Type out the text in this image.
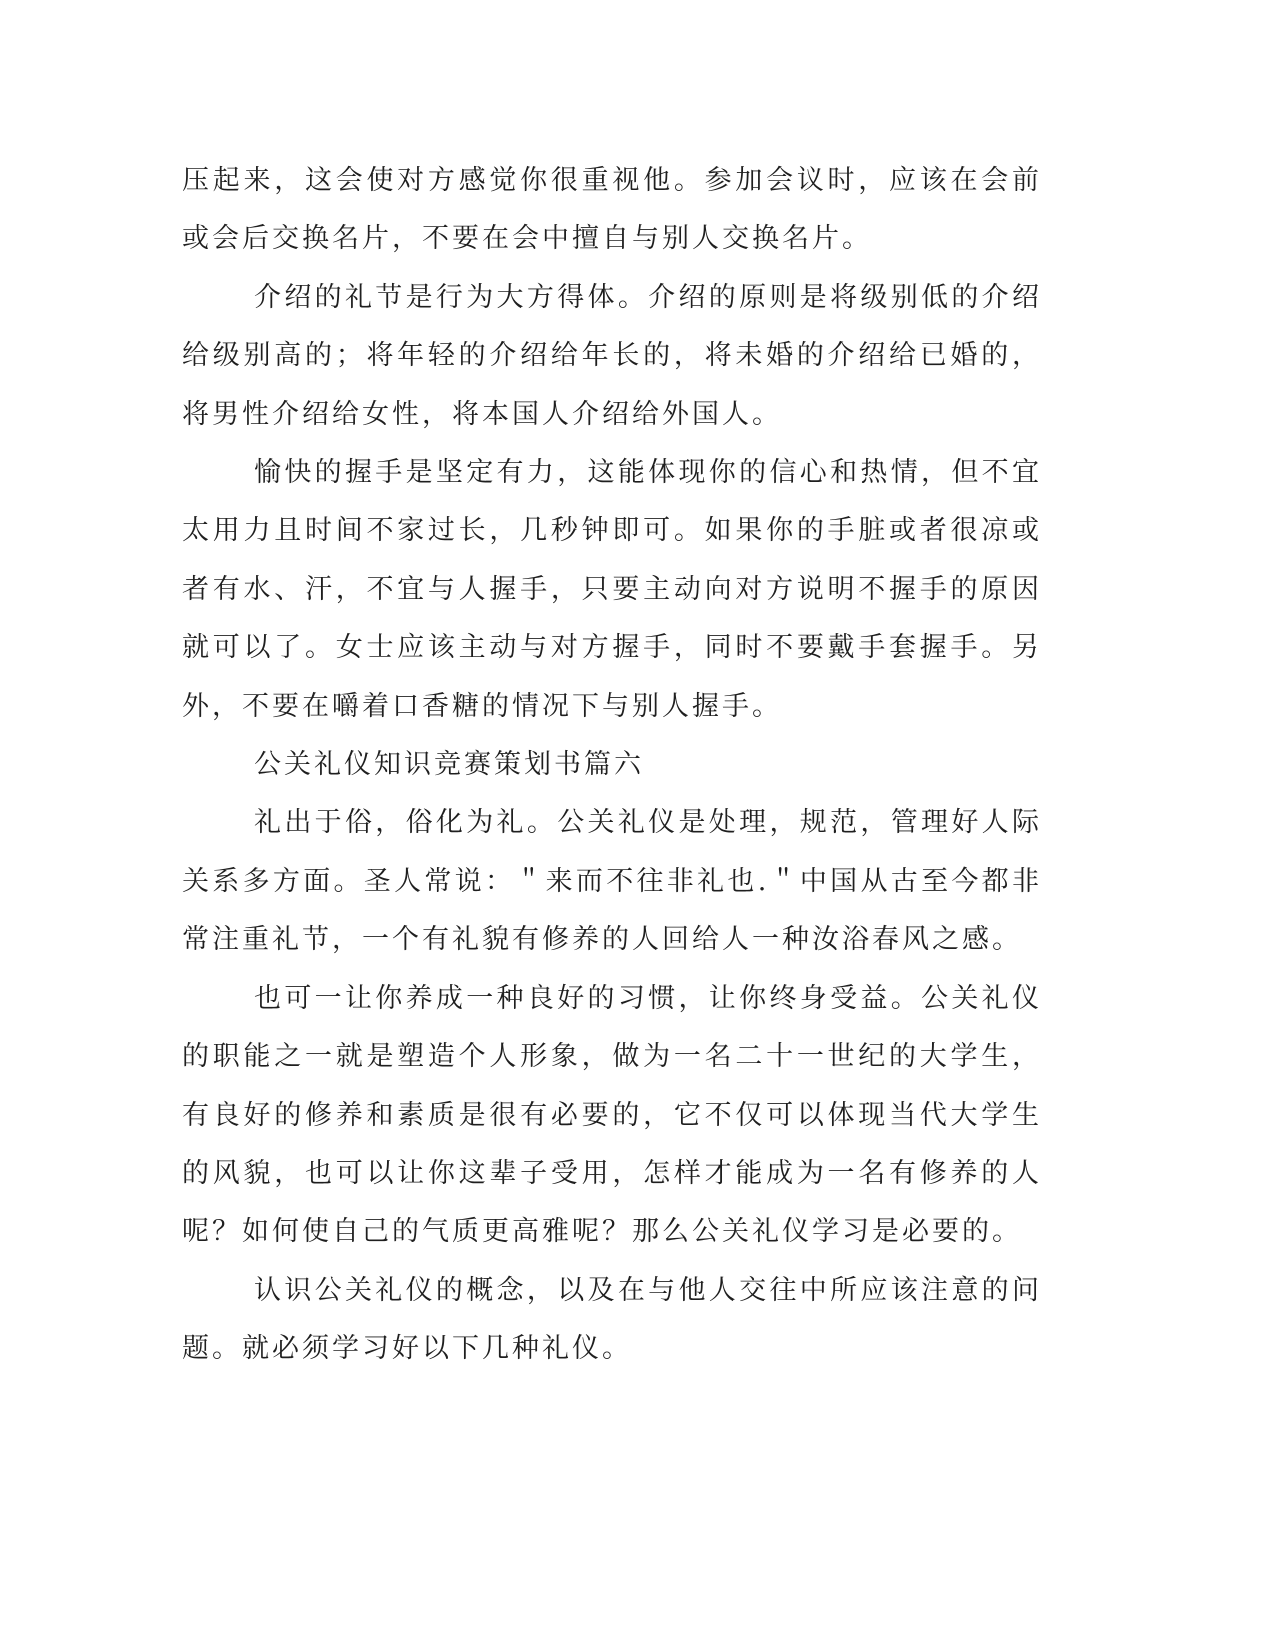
压起来，这会使对方感觉你很重视他。参加会议时，应该在会前或会后交换名片，不要在会中擅自与别人交换名片。

介绍的礼节是行为大方得体。介绍的原则是将级别低的介绍给级别高的；将年轻的介绍给年长的，将未婚的介绍给已婚的，将男性介绍给女性，将本国人介绍给外国人。

愉快的握手是坚定有力，这能体现你的信心和热情，但不宜太用力且时间不家过长，几秒钟即可。如果你的手脏或者很凉或者有水、汗，不宜与人握手，只要主动向对方说明不握手的原因就可以了。女士应该主动与对方握手，同时不要戴手套握手。另外，不要在嚼着口香糖的情况下与别人握手。

公关礼仪知识竞赛策划书篇六

礼出于俗，俗化为礼。公关礼仪是处理，规范，管理好人际关系多方面。圣人常说：＂来而不往非礼也.＂中国从古至今都非常注重礼节，一个有礼貌有修养的人回给人一种汝浴春风之感。

也可一让你养成一种良好的习惯，让你终身受益。公关礼仪的职能之一就是塑造个人形象，做为一名二十一世纪的大学生，有良好的修养和素质是很有必要的，它不仅可以体现当代大学生的风貌，也可以让你这辈子受用，怎样才能成为一名有修养的人呢？如何使自己的气质更高雅呢？那么公关礼仪学习是必要的。

认识公关礼仪的概念，以及在与他人交往中所应该注意的问题。就必须学习好以下几种礼仪。
